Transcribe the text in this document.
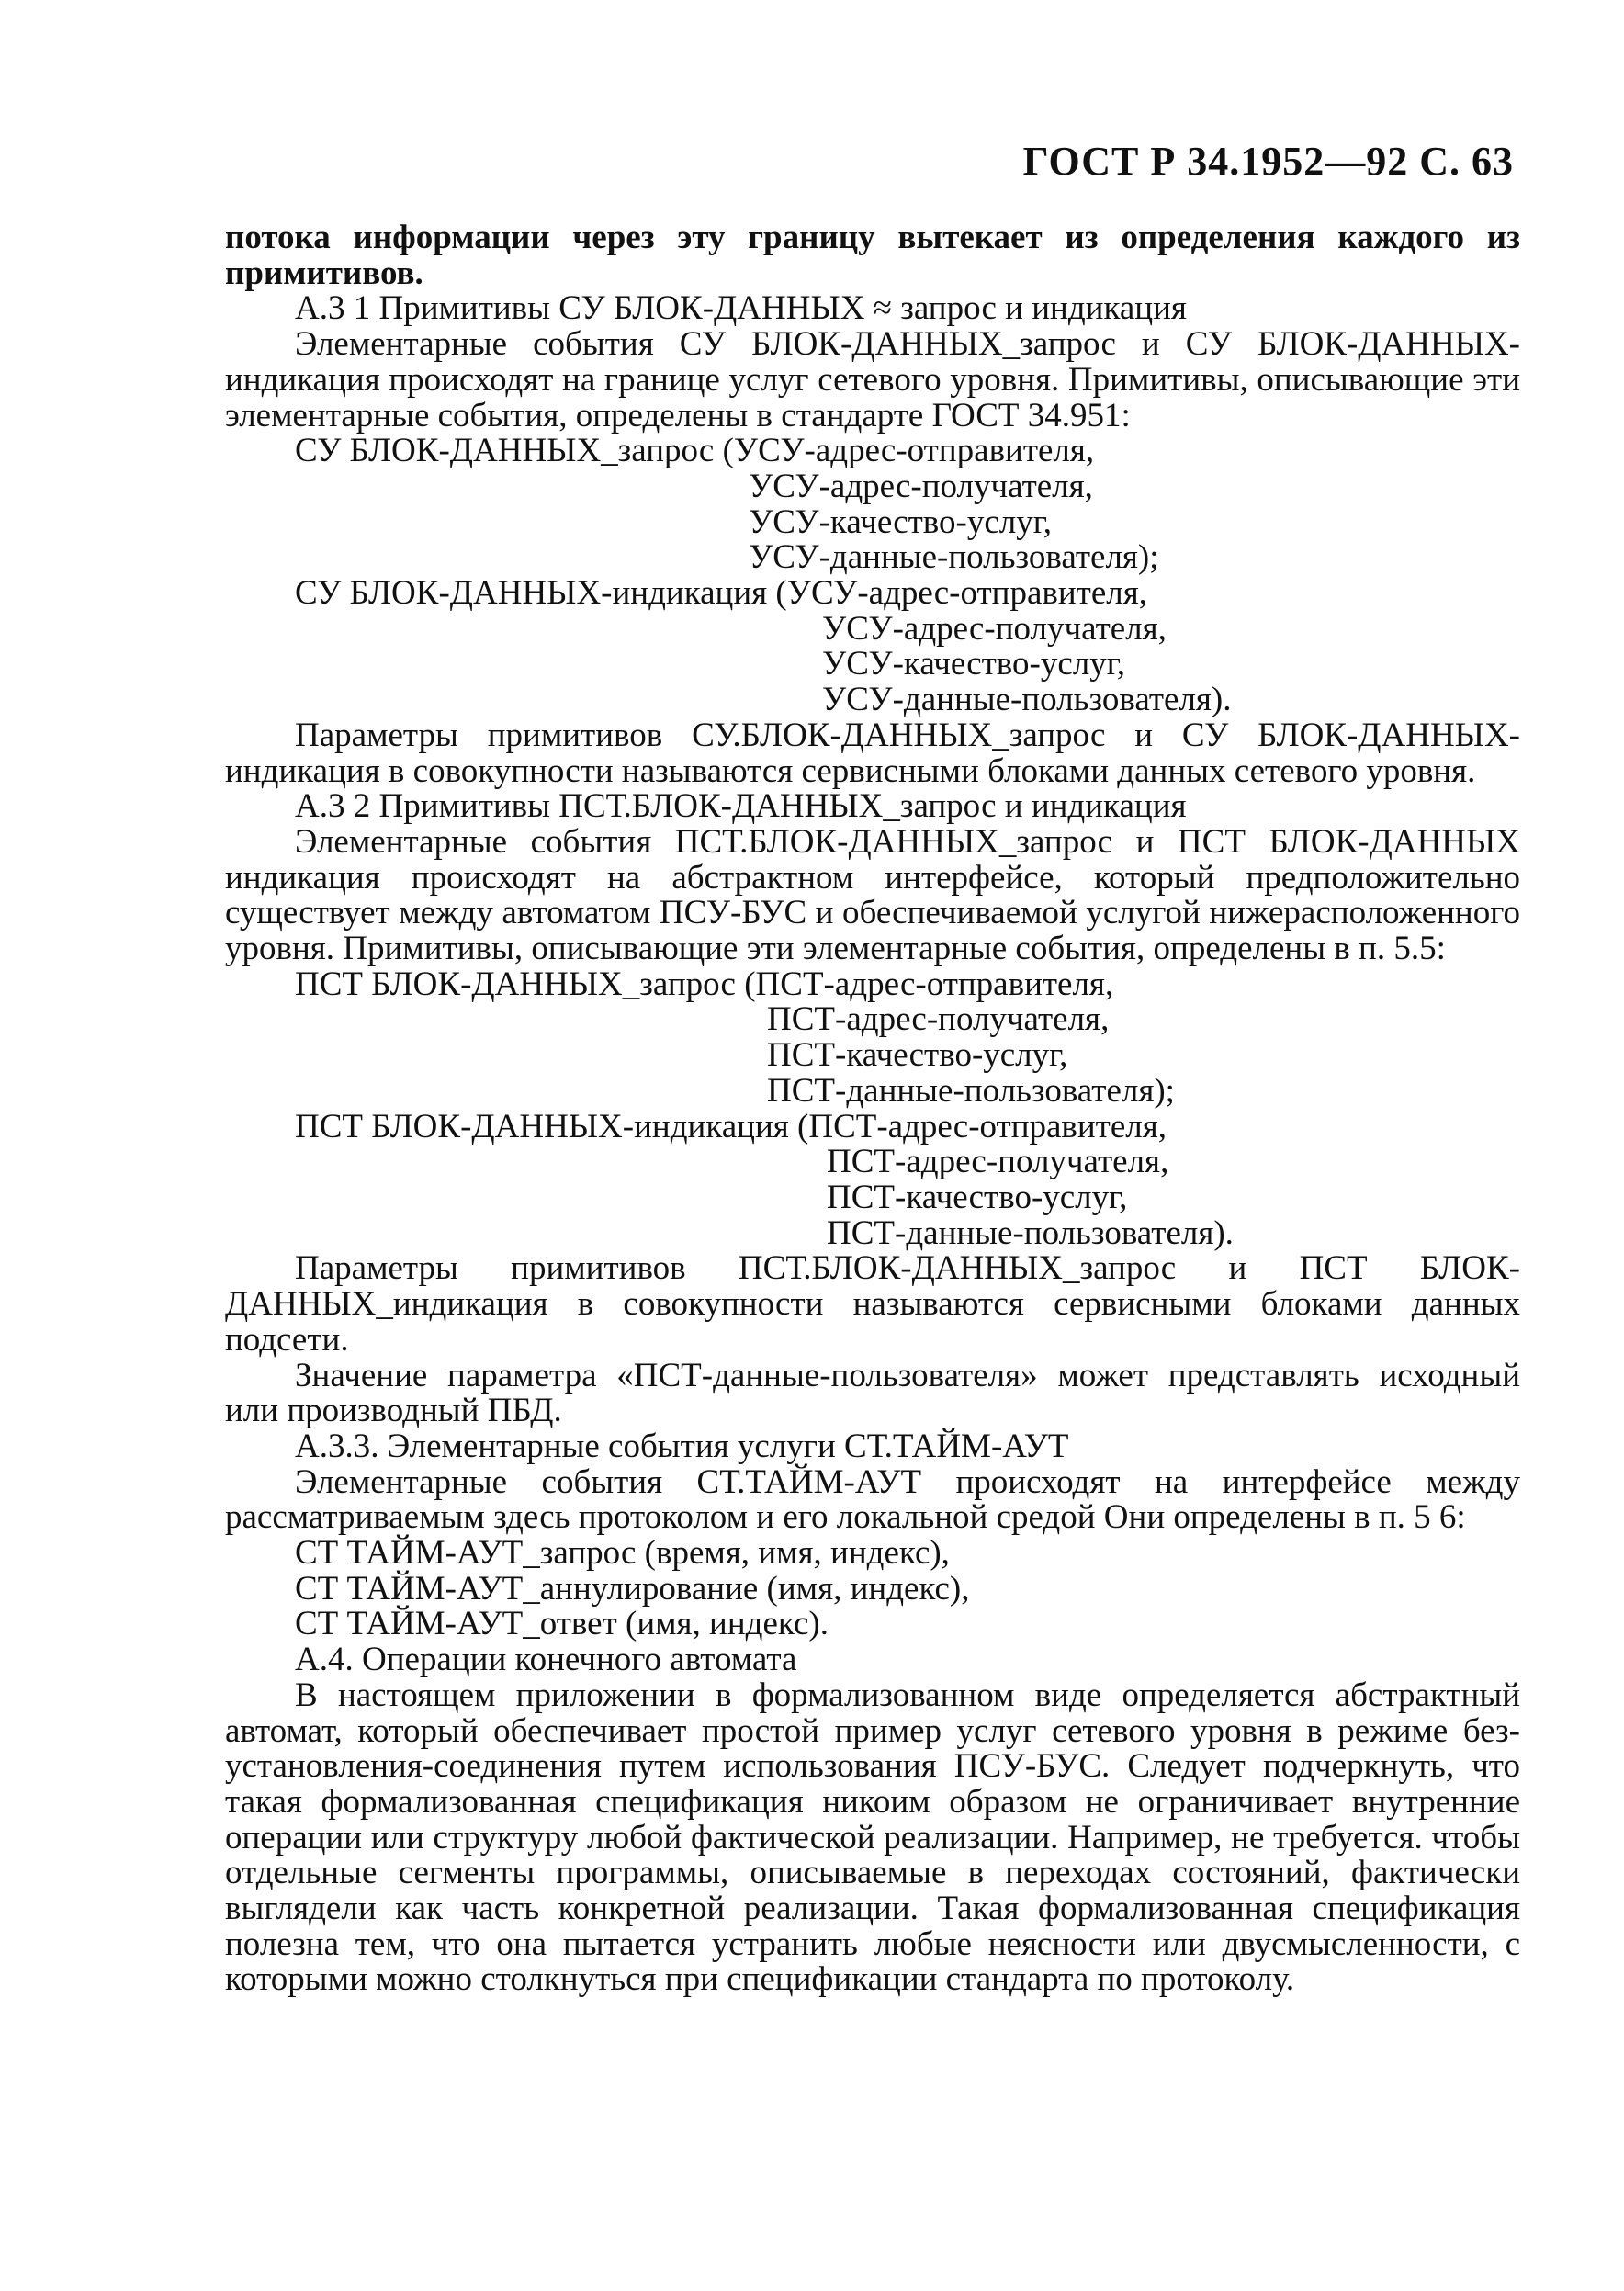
ГОСТ Р 34.1952—92 С. 63

потока информации через эту границу вытекает из определения каждого из примитивов.

А.3 1 Примитивы СУ БЛОК-ДАННЫХ ≈ запрос и индикация

Элементарные события СУ БЛОК-ДАННЫХ_запрос и СУ БЛОК-ДАННЫХ-индикация происходят на границе услуг сетевого уровня. Примитивы, описывающие эти элементарные события, определены в стандарте ГОСТ 34.951:

СУ БЛОК-ДАННЫХ_запрос (УСУ-адрес-отправителя,

УСУ-адрес-получателя,

УСУ-качество-услуг,

УСУ-данные-пользователя);

СУ БЛОК-ДАННЫХ-индикация (УСУ-адрес-отправителя,

УСУ-адрес-получателя,

УСУ-качество-услуг,

УСУ-данные-пользователя).

Параметры примитивов СУ.БЛОК-ДАННЫХ_запрос и СУ БЛОК-ДАННЫХ-индикация в совокупности называются сервисными блоками данных сетевого уровня.

А.3 2 Примитивы ПСТ.БЛОК-ДАННЫХ_запрос и индикация

Элементарные события ПСТ.БЛОК-ДАННЫХ_запрос и ПСТ БЛОК-ДАННЫХ индикация происходят на абстрактном интерфейсе, который предположительно существует между автоматом ПСУ-БУС и обеспечиваемой услугой нижерасположенного уровня. Примитивы, описывающие эти элементарные события, определены в п. 5.5:

ПСТ БЛОК-ДАННЫХ_запрос (ПСТ-адрес-отправителя,

ПСТ-адрес-получателя,

ПСТ-качество-услуг,

ПСТ-данные-пользователя);

ПСТ БЛОК-ДАННЫХ-индикация (ПСТ-адрес-отправителя,

ПСТ-адрес-получателя,

ПСТ-качество-услуг,

ПСТ-данные-пользователя).

Параметры примитивов ПСТ.БЛОК-ДАННЫХ_запрос и ПСТ БЛОК-ДАННЫХ_индикация в совокупности называются сервисными блоками данных подсети.

Значение параметра «ПСТ-данные-пользователя» может представлять исходный или производный ПБД.

А.3.3. Элементарные события услуги СТ.ТАЙМ-АУТ

Элементарные события СТ.ТАЙМ-АУТ происходят на интерфейсе между рассматриваемым здесь протоколом и его локальной средой Они определены в п. 5 6:

СТ ТАЙМ-АУТ_запрос (время, имя, индекс),

СТ ТАЙМ-АУТ_аннулирование (имя, индекс),

СТ ТАЙМ-АУТ_ответ (имя, индекс).

А.4. Операции конечного автомата

В настоящем приложении в формализованном виде определяется абстрактный автомат, который обеспечивает простой пример услуг сетевого уровня в режиме без-установления-соединения путем использования ПСУ-БУС. Следует подчеркнуть, что такая формализованная спецификация никоим образом не ограничивает внутренние операции или структуру любой фактической реализации. Например, не требуется. чтобы отдельные сегменты программы, описываемые в переходах состояний, фактически выглядели как часть конкретной реализации. Такая формализованная спецификация полезна тем, что она пытается устранить любые неясности или двусмысленности, с которыми можно столкнуться при спецификации стандарта по протоколу.
